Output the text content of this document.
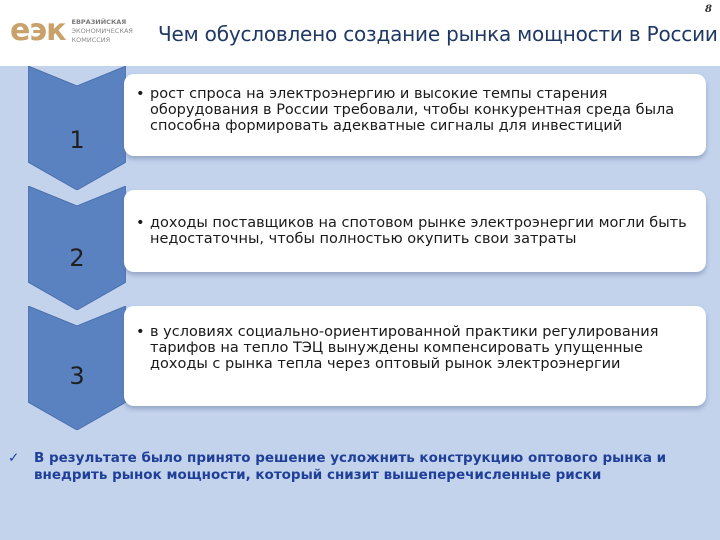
еэк ЕВРАЗИЙСКАЯ
ЭКОНОМИЧЕСКАЯ
КОМИССИЯ
8
Чем обусловлено создание рынка мощности в России
1
2
3
• рост спроса на электроэнергию и высокие темпы старения оборудования в России требовали, чтобы конкурентная среда была способна формировать адекватные сигналы для инвестиций
• доходы поставщиков на спотовом рынке электроэнергии могли быть недостаточны, чтобы полностью окупить свои затраты
• в условиях социально-ориентированной практики регулирования тарифов на тепло ТЭЦ вынуждены компенсировать упущенные доходы с рынка тепла через оптовый рынок электроэнергии
✓	В результате было принято решение усложнить конструкцию оптового рынка и внедрить рынок мощности, который снизит вышеперечисленные риски
